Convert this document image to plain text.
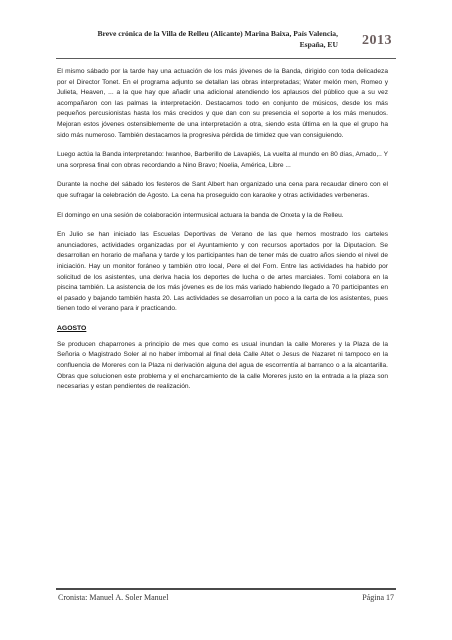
Breve crónica de la Villa de Relleu (Alicante) Marina Baixa, País Valencia,
España, EU 2013

El mismo sábado por la tarde hay una actuación de los más jóvenes de la Banda, dirigido con toda delicadeza por el Director Tonet. En el programa adjunto se detallan las obras interpretadas; Water melón men, Romeo y Julieta, Heaven, ... a la que hay que añadir una adicional atendiendo los aplausos del público que a su vez acompañaron con las palmas la interpretación. Destacamos todo en conjunto de músicos, desde los más pequeños percusionistas hasta los más crecidos y que dan con su presencia el soporte a los más menudos. Mejoran estos jóvenes ostensiblemente de una interpretación a otra, siendo esta última en la que el grupo ha sido más numeroso. También destacamos la progresiva pérdida de timidez que van consiguiendo.

Luego actúa la Banda interpretando: Iwanhoe, Barberillo de Lavapiés, La vuelta al mundo en 80 días, Amado,.. Y una sorpresa final con obras recordando a Nino Bravo; Noelia, América, Libre ...

Durante la noche del sábado los festeros de Sant Albert han organizado una cena para recaudar dinero con el que sufragar la celebración de Agosto. La cena ha proseguido con karaoke y otras actividades verbeneras.

El domingo en una sesión de colaboración intermusical actuara la banda de Orxeta y la de Relleu.

En Julio se han iniciado las Escuelas Deportivas de Verano de las que hemos mostrado los carteles anunciadores, actividades organizadas por el Ayuntamiento y con recursos aportados por la Diputacion. Se desarrollan en horario de mañana y tarde y los participantes han de tener más de cuatro años siendo el nivel de iniciación. Hay un monitor foráneo y también otro local, Pere el del Forn. Entre las actividades ha habido por solicitud de los asistentes, una deriva hacia los deportes de lucha o de artes marciales. Tomi colabora en la piscina también. La asistencia de los más jóvenes es de los más variado habiendo llegado a 70 participantes en el pasado y bajando también hasta 20. Las actividades se desarrollan un poco a la carta de los asistentes, pues tienen todo el verano para ir practicando.

AGOSTO

Se producen chaparrones a principio de mes que como es usual inundan la calle Moreres y la Plaza de la Señoria o Magistrado Soler al no haber imbornal al final dela Calle Altet o Jesus de Nazaret ni tampoco en la confluencia de Moreres con la Plaza ni derivación alguna del agua de escorrentía al barranco o a la alcantarilla. Obras que solucionen este problema y el encharcamiento de la calle Moreres justo en la entrada a la plaza son necesarias y estan pendientes de realización.

Cronista: Manuel A. Soler Manuel	Página 17
